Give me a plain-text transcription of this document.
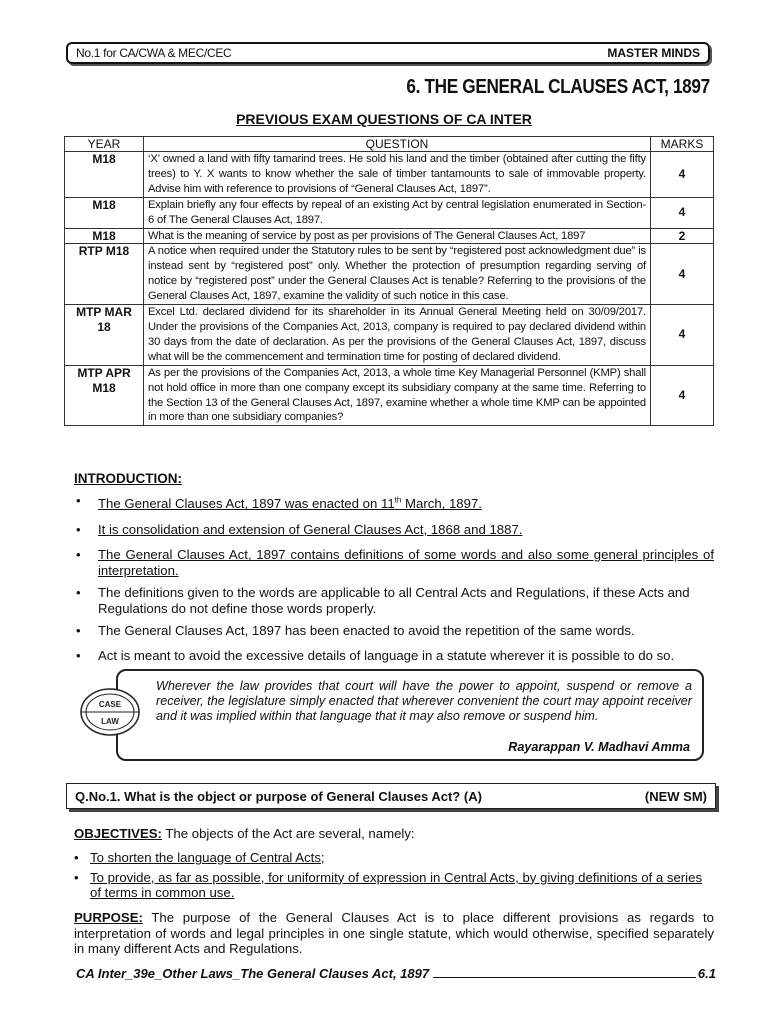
No.1 for CA/CWA & MEC/CEC	MASTER MINDS
6. THE GENERAL CLAUSES ACT, 1897
PREVIOUS EXAM QUESTIONS OF CA INTER
YEAR	QUESTION	MARKS
M18	‘X’ owned a land with fifty tamarind trees. He sold his land and the timber (obtained after cutting the fifty trees) to Y. X wants to know whether the sale of timber tantamounts to sale of immovable property. Advise him with reference to provisions of “General Clauses Act, 1897”.	4
M18	Explain briefly any four effects by repeal of an existing Act by central legislation enumerated in Section-6 of The General Clauses Act, 1897.	4
M18	What is the meaning of service by post as per provisions of The General Clauses Act, 1897	2
RTP M18	A notice when required under the Statutory rules to be sent by “registered post acknowledgment due” is instead sent by “registered post” only. Whether the protection of presumption regarding serving of notice by “registered post” under the General Clauses Act is tenable? Referring to the provisions of the General Clauses Act, 1897, examine the validity of such notice in this case.	4
MTP MAR 18	Excel Ltd. declared dividend for its shareholder in its Annual General Meeting held on 30/09/2017. Under the provisions of the Companies Act, 2013, company is required to pay declared dividend within 30 days from the date of declaration. As per the provisions of the General Clauses Act, 1897, discuss what will be the commencement and termination time for posting of declared dividend.	4
MTP APR M18	As per the provisions of the Companies Act, 2013, a whole time Key Managerial Personnel (KMP) shall not hold office in more than one company except its subsidiary company at the same time. Referring to the Section 13 of the General Clauses Act, 1897, examine whether a whole time KMP can be appointed in more than one subsidiary companies?	4
INTRODUCTION:
• The General Clauses Act, 1897 was enacted on 11th March, 1897.
• It is consolidation and extension of General Clauses Act, 1868 and 1887.
• The General Clauses Act, 1897 contains definitions of some words and also some general principles of interpretation.
• The definitions given to the words are applicable to all Central Acts and Regulations, if these Acts and Regulations do not define those words properly.
• The General Clauses Act, 1897 has been enacted to avoid the repetition of the same words.
• Act is meant to avoid the excessive details of language in a statute wherever it is possible to do so.
Wherever the law provides that court will have the power to appoint, suspend or remove a receiver, the legislature simply enacted that wherever convenient the court may appoint receiver and it was implied within that language that it may also remove or suspend him.
Rayarappan V. Madhavi Amma
CASE
LAW
Q.No.1. What is the object or purpose of General Clauses Act? (A)	(NEW SM)
OBJECTIVES: The objects of the Act are several, namely:
• To shorten the language of Central Acts;
• To provide, as far as possible, for uniformity of expression in Central Acts, by giving definitions of a series of terms in common use.
PURPOSE: The purpose of the General Clauses Act is to place different provisions as regards to interpretation of words and legal principles in one single statute, which would otherwise, specified separately in many different Acts and Regulations.
CA Inter_39e_Other Laws_The General Clauses Act, 1897	6.1
